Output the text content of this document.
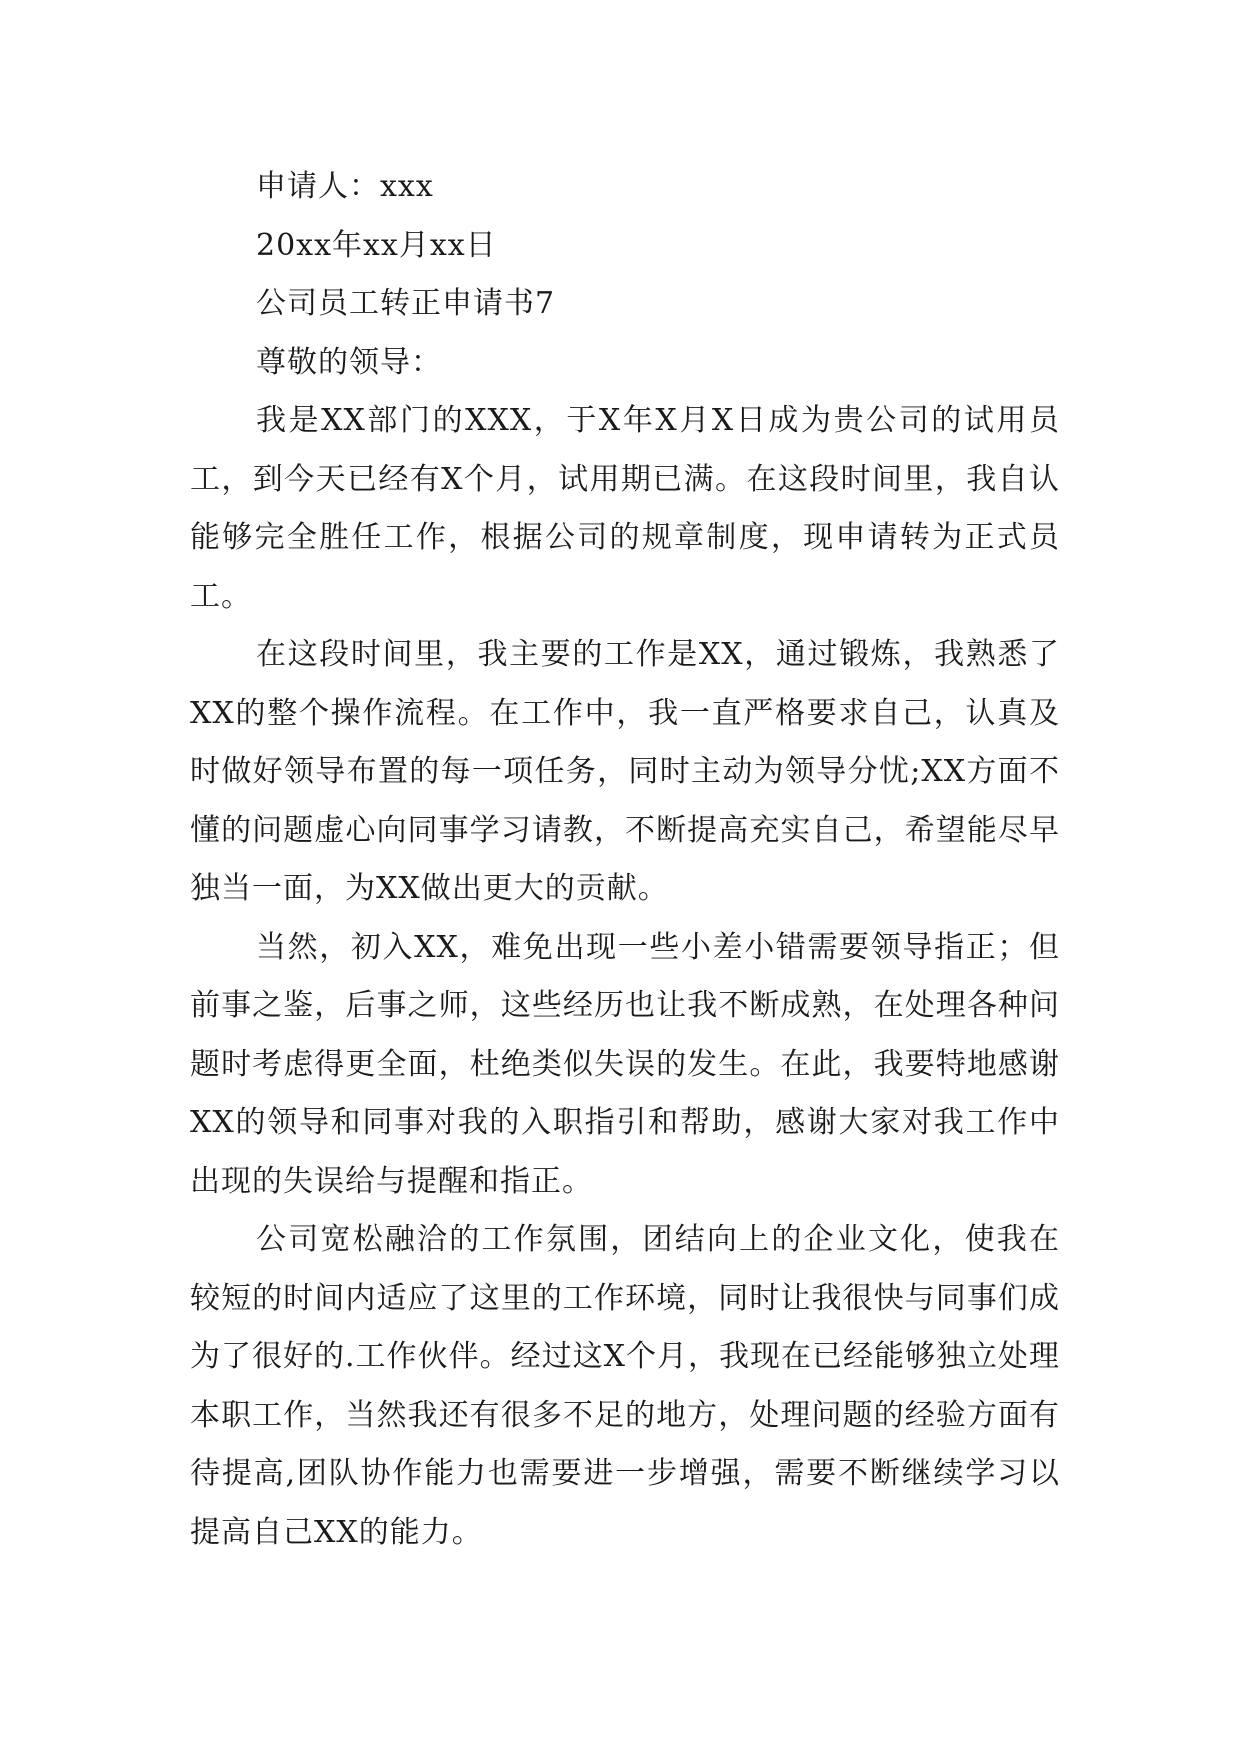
申请人：xxx

20xx年xx月xx日

公司员工转正申请书7

尊敬的领导：

我是XX部门的XXX，于X年X月X日成为贵公司的试用员工，到今天已经有X个月，试用期已满。在这段时间里，我自认能够完全胜任工作，根据公司的规章制度，现申请转为正式员工。

在这段时间里，我主要的工作是XX，通过锻炼，我熟悉了XX的整个操作流程。在工作中，我一直严格要求自己，认真及时做好领导布置的每一项任务，同时主动为领导分忧;XX方面不懂的问题虚心向同事学习请教，不断提高充实自己，希望能尽早独当一面，为XX做出更大的贡献。

当然，初入XX，难免出现一些小差小错需要领导指正；但前事之鉴，后事之师，这些经历也让我不断成熟，在处理各种问题时考虑得更全面，杜绝类似失误的发生。在此，我要特地感谢XX的领导和同事对我的入职指引和帮助，感谢大家对我工作中出现的失误给与提醒和指正。

公司宽松融洽的工作氛围，团结向上的企业文化，使我在较短的时间内适应了这里的工作环境，同时让我很快与同事们成为了很好的.工作伙伴。经过这X个月，我现在已经能够独立处理本职工作，当然我还有很多不足的地方，处理问题的经验方面有待提高,团队协作能力也需要进一步增强，需要不断继续学习以提高自己XX的能力。
